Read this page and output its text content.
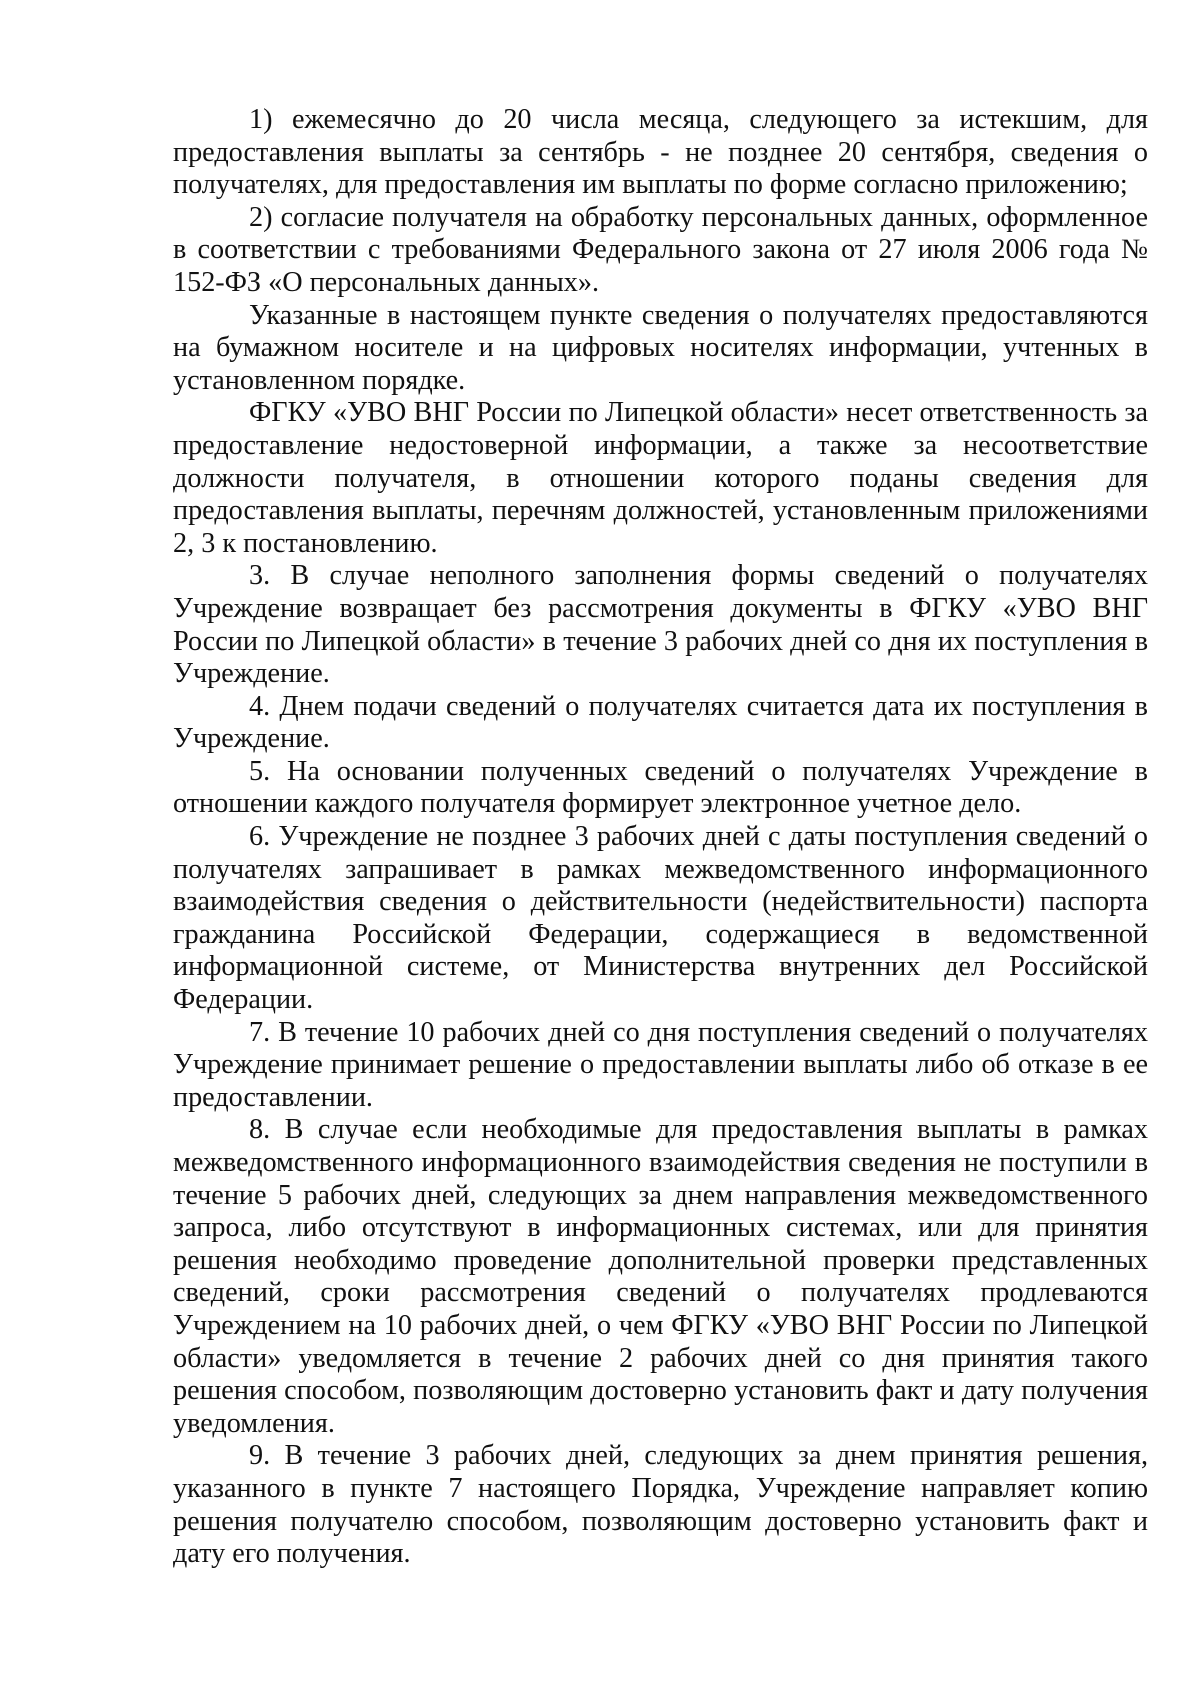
1) ежемесячно до 20 числа месяца, следующего за истекшим, для предоставления выплаты за сентябрь - не позднее 20 сентября, сведения о получателях, для предоставления им выплаты по форме согласно приложению;

2) согласие получателя на обработку персональных данных, оформленное в соответствии с требованиями Федерального закона от 27 июля 2006 года № 152-ФЗ «О персональных данных».

Указанные в настоящем пункте сведения о получателях предоставляются на бумажном носителе и на цифровых носителях информации, учтенных в установленном порядке.

ФГКУ «УВО ВНГ России по Липецкой области» несет ответственность за предоставление недостоверной информации, а также за несоответствие должности получателя, в отношении которого поданы сведения для предоставления выплаты, перечням должностей, установленным приложениями 2, 3 к постановлению.

3. В случае неполного заполнения формы сведений о получателях Учреждение возвращает без рассмотрения документы в ФГКУ «УВО ВНГ России по Липецкой области» в течение 3 рабочих дней со дня их поступления в Учреждение.

4. Днем подачи сведений о получателях считается дата их поступления в Учреждение.

5. На основании полученных сведений о получателях Учреждение в отношении каждого получателя формирует электронное учетное дело.

6. Учреждение не позднее 3 рабочих дней с даты поступления сведений о получателях запрашивает в рамках межведомственного информационного взаимодействия сведения о действительности (недействительности) паспорта гражданина Российской Федерации, содержащиеся в ведомственной информационной системе, от Министерства внутренних дел Российской Федерации.

7. В течение 10 рабочих дней со дня поступления сведений о получателях Учреждение принимает решение о предоставлении выплаты либо об отказе в ее предоставлении.

8. В случае если необходимые для предоставления выплаты в рамках межведомственного информационного взаимодействия сведения не поступили в течение 5 рабочих дней, следующих за днем направления межведомственного запроса, либо отсутствуют в информационных системах, или для принятия решения необходимо проведение дополнительной проверки представленных сведений, сроки рассмотрения сведений о получателях продлеваются Учреждением на 10 рабочих дней, о чем ФГКУ «УВО ВНГ России по Липецкой области» уведомляется в течение 2 рабочих дней со дня принятия такого решения способом, позволяющим достоверно установить факт и дату получения уведомления.

9. В течение 3 рабочих дней, следующих за днем принятия решения, указанного в пункте 7 настоящего Порядка, Учреждение направляет копию решения получателю способом, позволяющим достоверно установить факт и дату его получения.
